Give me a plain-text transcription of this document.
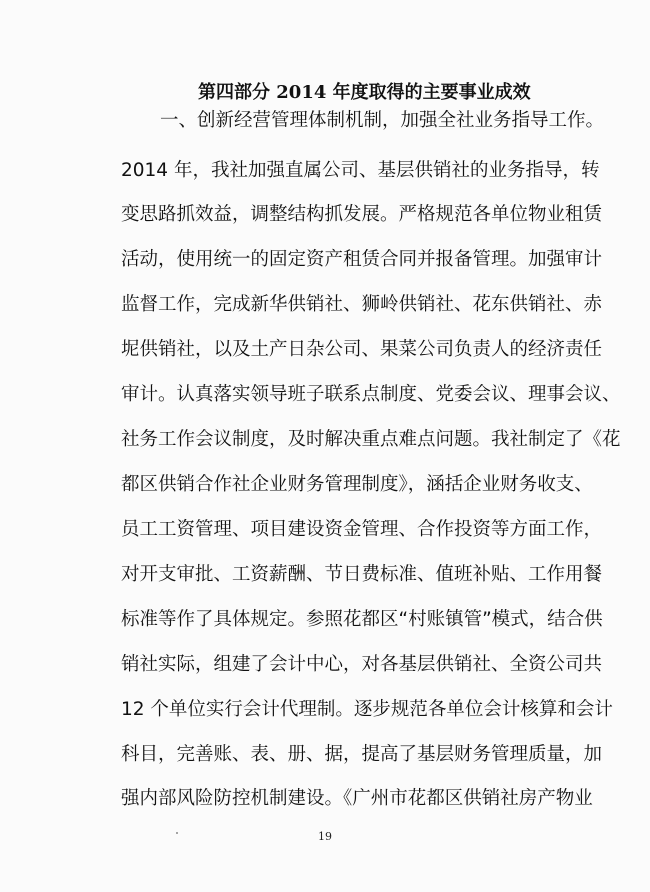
第四部分 2014 年度取得的主要事业成效
一、创新经营管理体制机制，加强全社业务指导工作。
2014 年，我社加强直属公司、基层供销社的业务指导，转
变思路抓效益，调整结构抓发展。严格规范各单位物业租赁
活动，使用统一的固定资产租赁合同并报备管理。加强审计
监督工作，完成新华供销社、狮岭供销社、花东供销社、赤
坭供销社，以及土产日杂公司、果菜公司负责人的经济责任
审计。认真落实领导班子联系点制度、党委会议、理事会议、
社务工作会议制度，及时解决重点难点问题。我社制定了《花
都区供销合作社企业财务管理制度》，涵括企业财务收支、
员工工资管理、项目建设资金管理、合作投资等方面工作，
对开支审批、工资薪酬、节日费标准、值班补贴、工作用餐
标准等作了具体规定。参照花都区“村账镇管”模式，结合供
销社实际，组建了会计中心，对各基层供销社、全资公司共
12 个单位实行会计代理制。逐步规范各单位会计核算和会计
科目，完善账、表、册、据，提高了基层财务管理质量，加
强内部风险防控机制建设。《广州市花都区供销社房产物业
19
